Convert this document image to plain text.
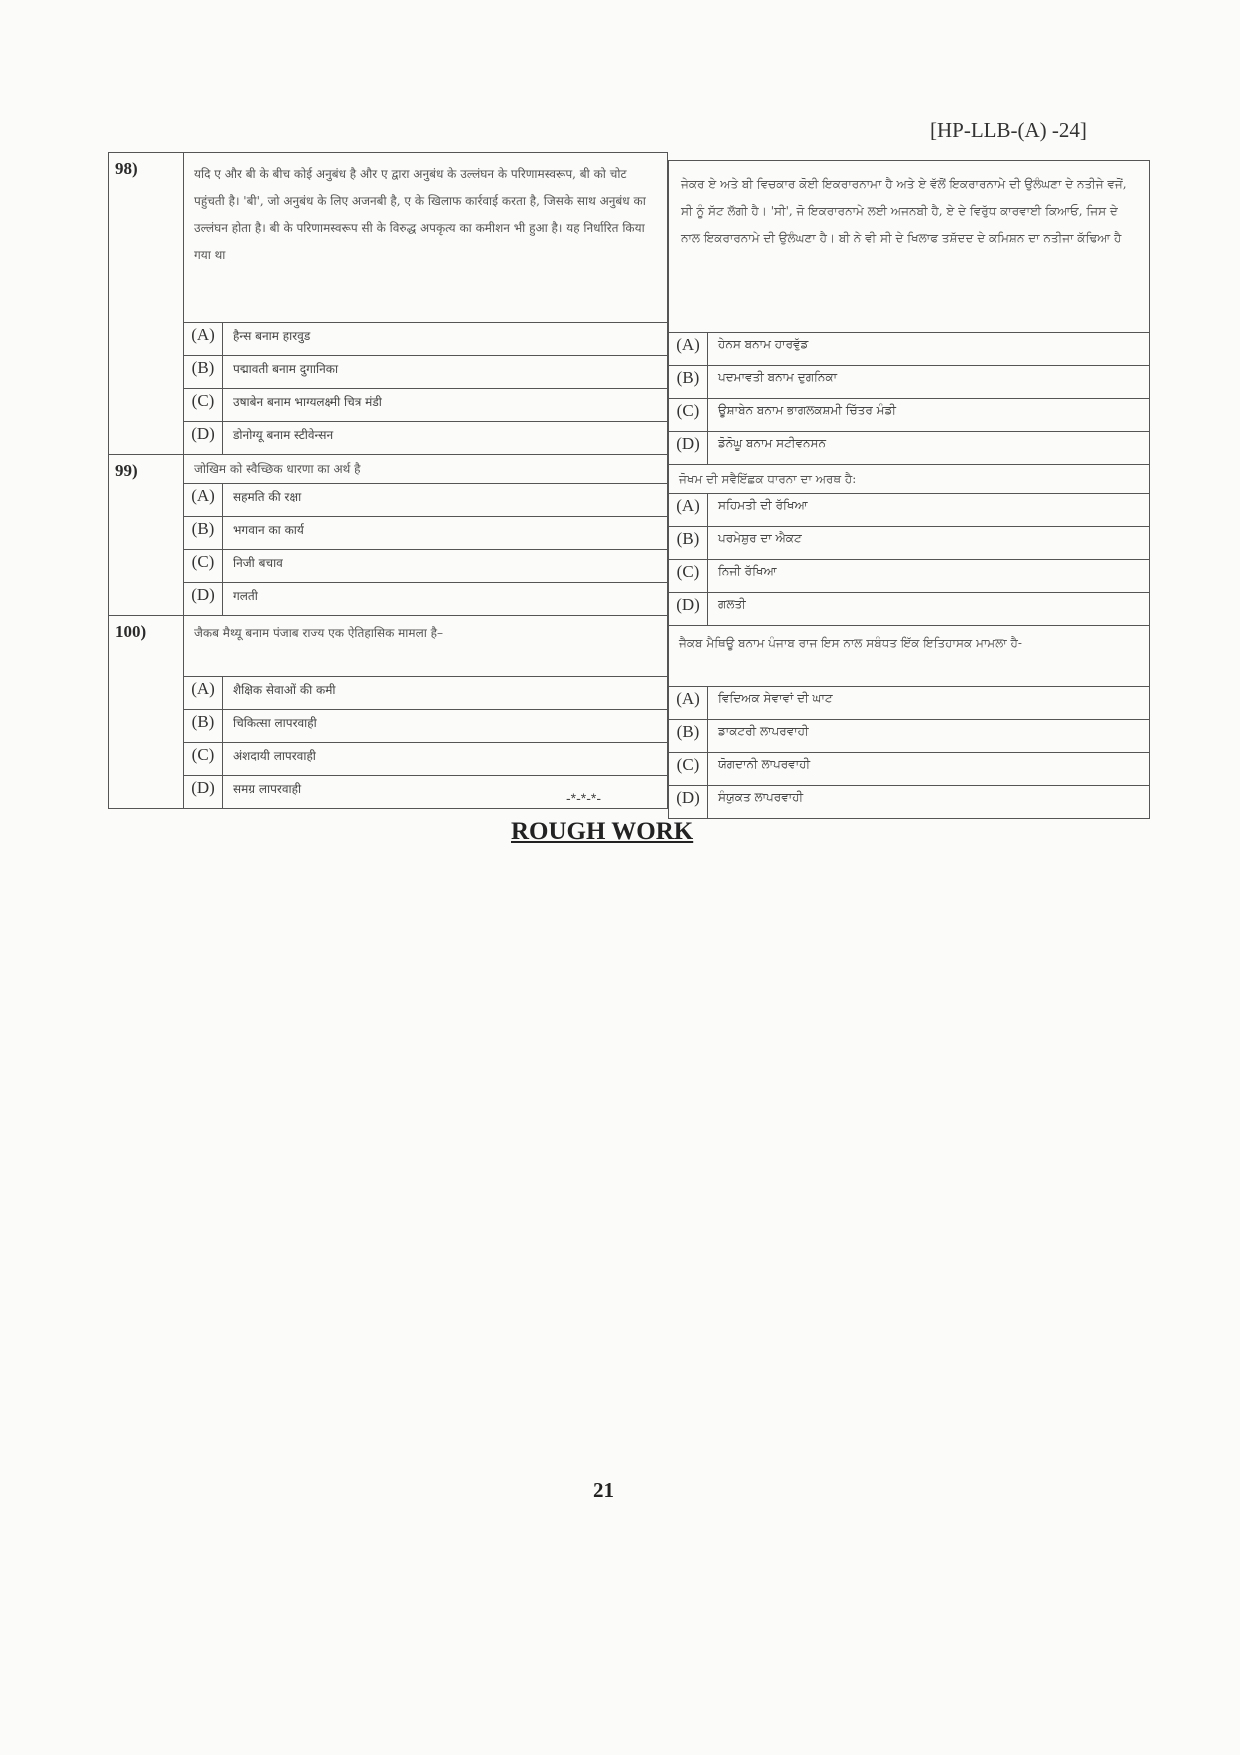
[HP-LLB-(A) -24]
98)	यदि ए और बी के बीच कोई अनुबंध है और ए द्वारा अनुबंध के उल्लंघन के परिणामस्वरूप, बी को चोट पहुंचती है। 'बी', जो अनुबंध के लिए अजनबी है, ए के खिलाफ कार्रवाई करता है, जिसके साथ अनुबंध का उल्लंघन होता है। बी के परिणामस्वरूप सी के विरुद्ध अपकृत्य का कमीशन भी हुआ है। यह निर्धारित किया गया था	
	(A)	हैन्स बनाम हारवुड
	(B)	पद्मावती बनाम दुगानिका
	(C)	उषाबेन बनाम भाग्यलक्ष्मी चित्र मंडी
	(D)	डोनोग्यू बनाम स्टीवेन्सन
99)	जोखिम को स्वैच्छिक धारणा का अर्थ है	
	(A)	सहमति की रक्षा
	(B)	भगवान का कार्य
	(C)	निजी बचाव
	(D)	गलती
100)	जैकब मैथ्यू बनाम पंजाब राज्य एक ऐतिहासिक मामला है–	
	(A)	शैक्षिक सेवाओं की कमी
	(B)	चिकित्सा लापरवाही
	(C)	अंशदायी लापरवाही
	(D)	समग्र लापरवाही
ਜੇਕਰ ਏ ਅਤੇ ਬੀ ਵਿਚਕਾਰ ਕੋਈ ਇਕਰਾਰਨਾਮਾ ਹੈ ਅਤੇ ਏ ਵੱਲੋਂ ਇਕਰਾਰਨਾਮੇ ਦੀ ਉਲੰਘਣਾ ਦੇ ਨਤੀਜੇ ਵਜੋਂ, ਸੀ ਨੂੰ ਸੱਟ ਲੱਗੀ ਹੈ। 'ਸੀ', ਜੋ ਇਕਰਾਰਨਾਮੇ ਲਈ ਅਜਨਬੀ ਹੈ, ਏ ਦੇ ਵਿਰੁੱਧ ਕਾਰਵਾਈ ਕਿਆਓ, ਜਿਸ ਦੇ ਨਾਲ ਇਕਰਾਰਨਾਮੇ ਦੀ ਉਲੰਘਣਾ ਹੈ। ਬੀ ਨੇ ਵੀ ਸੀ ਦੇ ਖਿਲਾਫ ਤਸ਼ੱਦਦ ਦੇ ਕਮਿਸ਼ਨ ਦਾ ਨਤੀਜਾ ਕੱਢਿਆ ਹੈ	
(A)	ਹੇਨਸ ਬਨਾਮ ਹਾਰਵੁੱਡ
(B)	ਪਦਮਾਵਤੀ ਬਨਾਮ ਦੁਗਨਿਕਾ
(C)	ਊਸ਼ਾਬੇਨ ਬਨਾਮ ਭਾਗਲਕਸ਼ਮੀ ਚਿੱਤਰ ਮੰਡੀ
(D)	ਡੋਨੋਘੂ ਬਨਾਮ ਸਟੀਵਨਸਨ
ਜੋਖਮ ਦੀ ਸਵੈਇੱਛਕ ਧਾਰਨਾ ਦਾ ਅਰਥ ਹੈ:	
(A)	ਸਹਿਮਤੀ ਦੀ ਰੱਖਿਆ
(B)	ਪਰਮੇਸ਼ੁਰ ਦਾ ਐਕਟ
(C)	ਨਿਜੀ ਰੱਖਿਆ
(D)	ਗਲਤੀ
ਜੈਕਬ ਮੈਥਿਊ ਬਨਾਮ ਪੰਜਾਬ ਰਾਜ ਇਸ ਨਾਲ ਸਬੰਧਤ ਇੱਕ ਇਤਿਹਾਸਕ ਮਾਮਲਾ ਹੈ-	
(A)	ਵਿਦਿਅਕ ਸੇਵਾਵਾਂ ਦੀ ਘਾਟ
(B)	ਡਾਕਟਰੀ ਲਾਪਰਵਾਹੀ
(C)	ਯੋਗਦਾਨੀ ਲਾਪਰਵਾਹੀ
(D)	ਸੰਯੁਕਤ ਲਾਪਰਵਾਹੀ
-*-*-*-
ROUGH WORK
21
